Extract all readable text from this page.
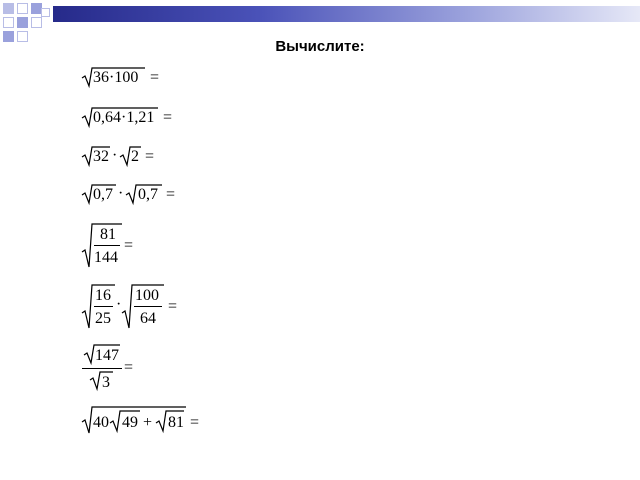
Вычислите:
36·100 =
0,64·1,21 =
32 · 2 =
0,7 · 0,7 =
81
144
=
16
25
·
100
64
=
147
3
=
40 49 + 81 =
